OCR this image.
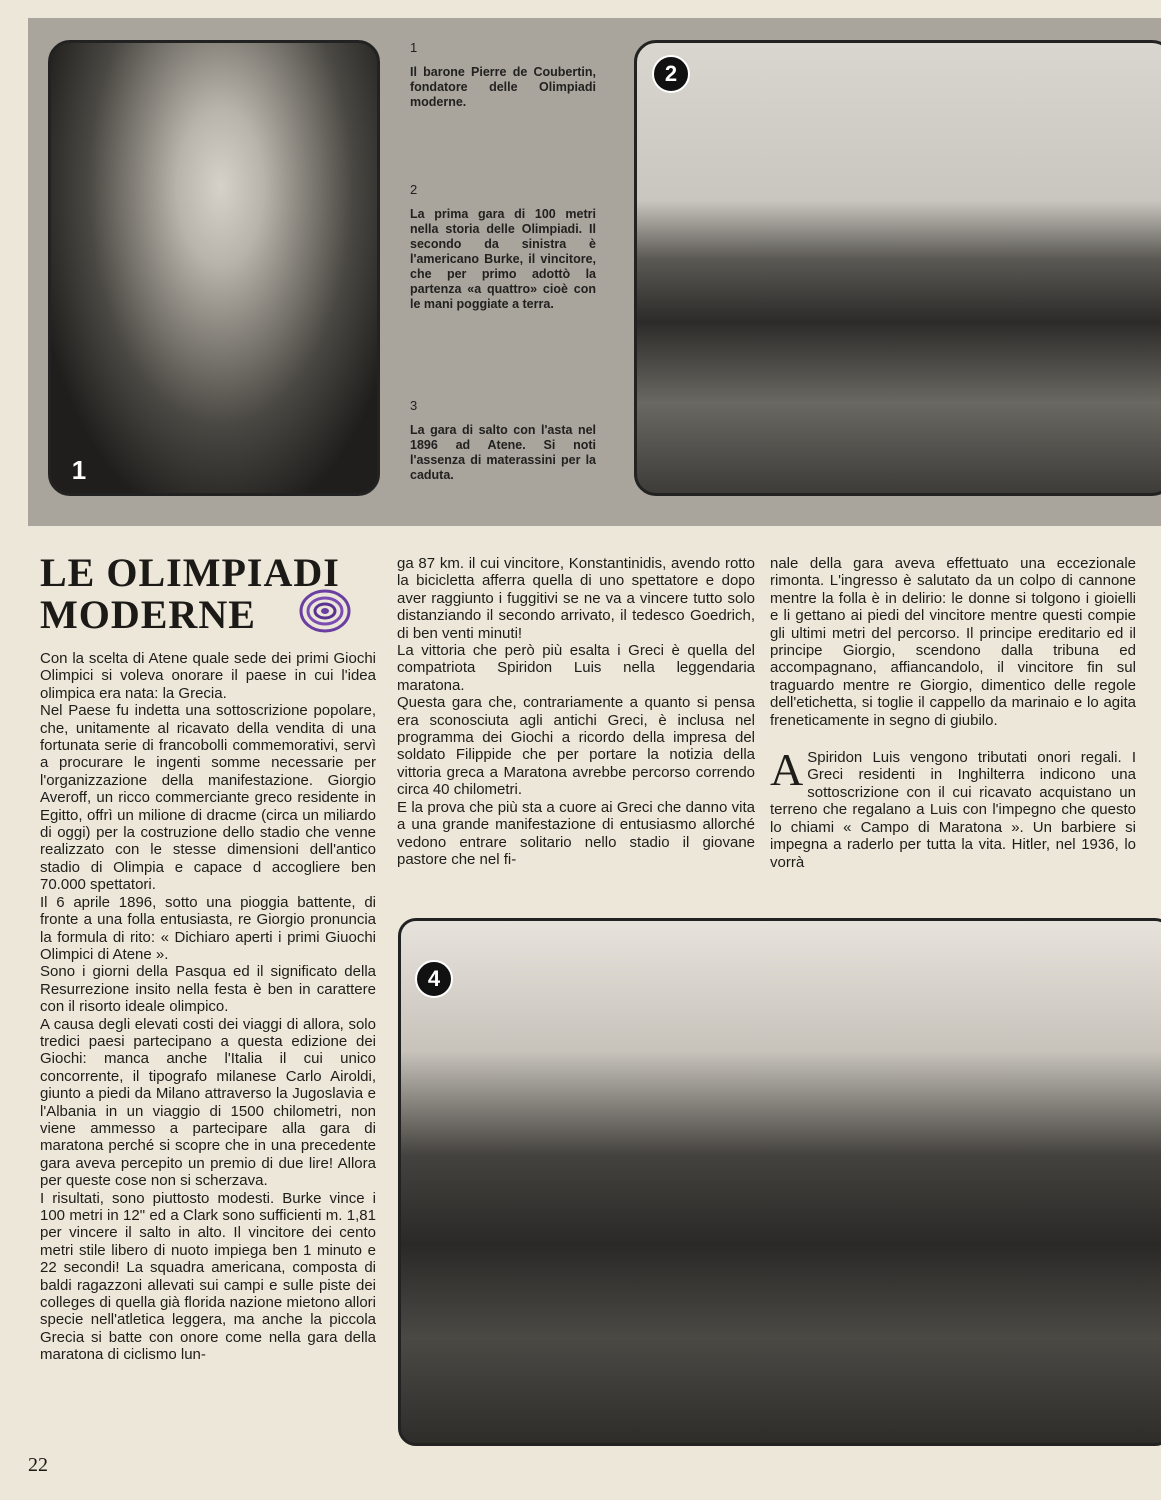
1
1
Il barone Pierre de Coubertin, fondatore delle Olimpiadi moderne.
2
La prima gara di 100 metri nella storia delle Olimpiadi. Il secondo da sinistra è l'americano Burke, il vincitore, che per primo adottò la partenza «a quattro» cioè con le mani poggiate a terra.
3
La gara di salto con l'asta nel 1896 ad Atene. Si noti l'assenza di materassini per la caduta.
2
LE OLIMPIADI
MODERNE

Con la scelta di Atene quale sede dei primi Giochi Olimpici si voleva onorare il paese in cui l'idea olimpica era nata: la Grecia.

Nel Paese fu indetta una sottoscrizione popolare, che, unitamente al ricavato della vendita di una fortunata serie di francobolli commemorativi, servì a procurare le ingenti somme necessarie per l'organizzazione della manifestazione. Giorgio Averoff, un ricco commerciante greco residente in Egitto, offrì un milione di dracme (circa un miliardo di oggi) per la costruzione dello stadio che venne realizzato con le stesse dimensioni dell'antico stadio di Olimpia e capace d accogliere ben 70.000 spettatori.

Il 6 aprile 1896, sotto una pioggia battente, di fronte a una folla entusiasta, re Giorgio pronuncia la formula di rito: « Dichiaro aperti i primi Giuochi Olimpici di Atene ».

Sono i giorni della Pasqua ed il significato della Resurrezione insito nella festa è ben in carattere con il risorto ideale olimpico.

A causa degli elevati costi dei viaggi di allora, solo tredici paesi partecipano a questa edizione dei Giochi: manca anche l'Italia il cui unico concorrente, il tipografo milanese Carlo Airoldi, giunto a piedi da Milano attraverso la Jugoslavia e l'Albania in un viaggio di 1500 chilometri, non viene ammesso a partecipare alla gara di maratona perché si scopre che in una precedente gara aveva percepito un premio di due lire! Allora per queste cose non si scherzava.

I risultati, sono piuttosto modesti. Burke vince i 100 metri in 12" ed a Clark sono sufficienti m. 1,81 per vincere il salto in alto. Il vincitore dei cento metri stile libero di nuoto impiega ben 1 minuto e 22 secondi! La squadra americana, composta di baldi ragazzoni allevati sui campi e sulle piste dei colleges di quella già florida nazione mietono allori specie nell'atletica leggera, ma anche la piccola Grecia si batte con onore come nella gara della maratona di ciclismo lun-

ga 87 km. il cui vincitore, Konstantinidis, avendo rotto la bicicletta afferra quella di uno spettatore e dopo aver raggiunto i fuggitivi se ne va a vincere tutto solo distanziando il secondo arrivato, il tedesco Goedrich, di ben venti minuti!

La vittoria che però più esalta i Greci è quella del compatriota Spiridon Luis nella leggendaria maratona.

Questa gara che, contrariamente a quanto si pensa era sconosciuta agli antichi Greci, è inclusa nel programma dei Giochi a ricordo della impresa del soldato Filippide che per portare la notizia della vittoria greca a Maratona avrebbe percorso correndo circa 40 chilometri.

E la prova che più sta a cuore ai Greci che danno vita a una grande manifestazione di entusiasmo allorché vedono entrare solitario nello stadio il giovane pastore che nel fi-

nale della gara aveva effettuato una eccezionale rimonta. L'ingresso è salutato da un colpo di cannone mentre la folla è in delirio: le donne si tolgono i gioielli e li gettano ai piedi del vincitore mentre questi compie gli ultimi metri del percorso. Il principe ereditario ed il principe Giorgio, scendono dalla tribuna ed accompagnano, affiancandolo, il vincitore fin sul traguardo mentre re Giorgio, dimentico delle regole dell'etichetta, si toglie il cappello da marinaio e lo agita freneticamente in segno di giubilo.

A Spiridon Luis vengono tributati onori regali. I Greci residenti in Inghilterra indicono una sottoscrizione con il cui ricavato acquistano un terreno che regalano a Luis con l'impegno che questo lo chiami « Campo di Maratona ». Un barbiere si impegna a raderlo per tutta la vita. Hitler, nel 1936, lo vorrà

4
22
